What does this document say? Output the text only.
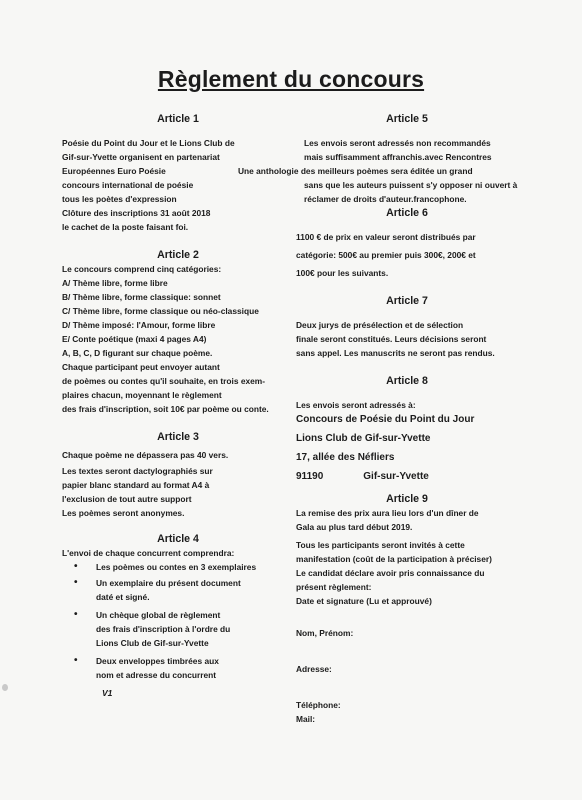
Règlement du concours
Article 1

Poésie du Point du Jour et le Lions Club de

Gif-sur-Yvette organisent en partenariat

Européennes Euro Poésie

concours international de poésie

tous les poètes d'expression

Clôture des inscriptions 31 août 2018

le cachet de la poste faisant foi.

Article 2

Le concours comprend cinq catégories:

A/ Thème libre, forme libre

B/ Thème libre, forme classique: sonnet

C/ Thème libre, forme classique ou néo-classique

D/ Thème imposé: l'Amour, forme libre

E/ Conte poétique (maxi 4 pages A4)

A, B, C, D figurant sur chaque poème.

Chaque participant peut envoyer autant

de poèmes ou contes qu'il souhaite, en trois exem-

plaires chacun, moyennant le règlement

des frais d'inscription, soit 10€ par poème ou conte.

Article 3

Chaque poème ne dépassera pas 40 vers.

Les textes seront dactylographiés sur

papier blanc standard au format A4 à

l'exclusion de tout autre support

Les poèmes seront anonymes.

Article 4

L'envoi de chaque concurrent comprendra:

• Les poèmes ou contes en 3 exemplaires

• Un exemplaire du présent document

daté et signé.

• Un chèque global de règlement

des frais d'inscription à l'ordre du

Lions Club de Gif-sur-Yvette

• Deux enveloppes timbrées aux

nom et adresse du concurrent

V1
Article 5

Les envois seront adressés non recommandés

mais suffisamment affranchis.avec Rencontres

Une anthologie des meilleurs poèmes sera éditée un grand

sans que les auteurs puissent s'y opposer ni ouvert à

réclamer de droits d'auteur.francophone.

Article 6

1100 € de prix en valeur seront distribués par

catégorie: 500€ au premier puis 300€, 200€ et

100€ pour les suivants.

Article 7

Deux jurys de présélection et de sélection

finale seront constitués. Leurs décisions seront

sans appel. Les manuscrits ne seront pas rendus.

Article 8

Les envois seront adressés à:

Concours de Poésie du Point du Jour

Lions Club de Gif-sur-Yvette

17, allée des Néfliers

91190	Gif-sur-Yvette

Article 9

La remise des prix aura lieu lors d'un dîner de

Gala au plus tard début 2019.

Tous les participants seront invités à cette

manifestation (coût de la participation à préciser)

Le candidat déclare avoir pris connaissance du

présent règlement:

Date et signature (Lu et approuvé)

Nom, Prénom:

Adresse:

Téléphone:

Mail:
